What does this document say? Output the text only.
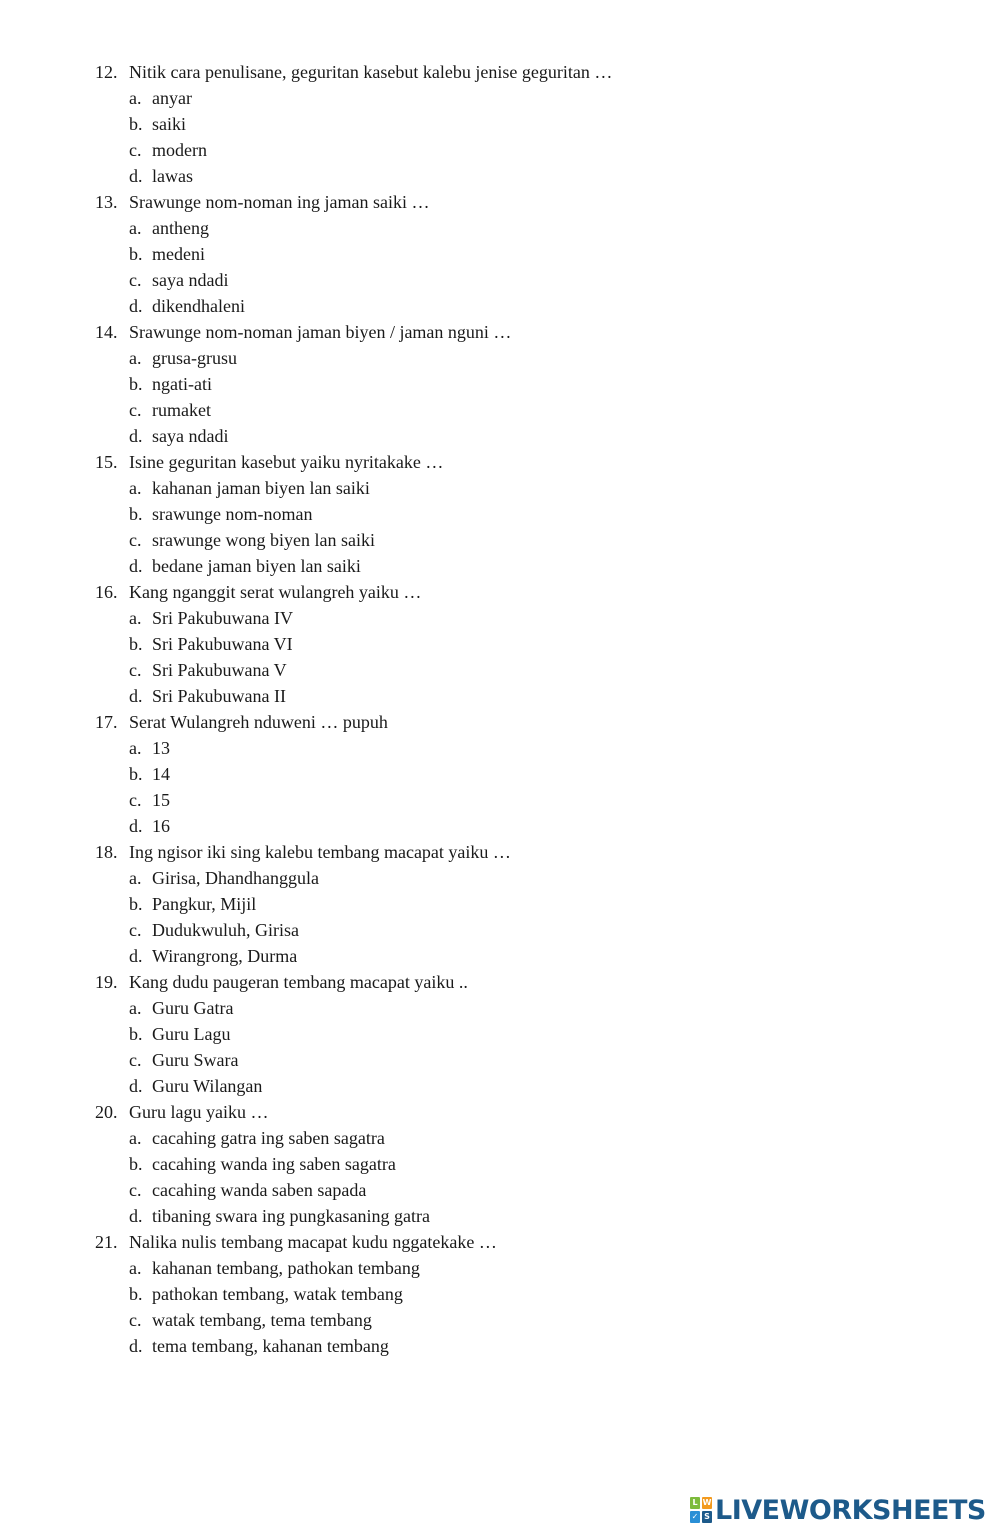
12. Nitik cara penulisane, geguritan kasebut kalebu jenise geguritan …
a. anyar
b. saiki
c. modern
d. lawas
13. Srawunge nom-noman ing jaman saiki …
a. antheng
b. medeni
c. saya ndadi
d. dikendhaleni
14. Srawunge nom-noman jaman biyen / jaman nguni …
a. grusa-grusu
b. ngati-ati
c. rumaket
d. saya ndadi
15. Isine geguritan kasebut yaiku nyritakake …
a. kahanan jaman biyen lan saiki
b. srawunge nom-noman
c. srawunge wong biyen lan saiki
d. bedane jaman biyen lan saiki
16. Kang nganggit serat wulangreh yaiku …
a. Sri Pakubuwana IV
b. Sri Pakubuwana VI
c. Sri Pakubuwana V
d. Sri Pakubuwana II
17. Serat Wulangreh nduweni … pupuh
a. 13
b. 14
c. 15
d. 16
18. Ing ngisor iki sing kalebu tembang macapat yaiku …
a. Girisa, Dhandhanggula
b. Pangkur, Mijil
c. Dudukwuluh, Girisa
d. Wirangrong, Durma
19. Kang dudu paugeran tembang macapat yaiku ..
a. Guru Gatra
b. Guru Lagu
c. Guru Swara
d. Guru Wilangan
20. Guru lagu yaiku …
a. cacahing gatra ing saben sagatra
b. cacahing wanda ing saben sagatra
c. cacahing wanda saben sapada
d. tibaning swara ing pungkasaning gatra
21. Nalika nulis tembang macapat kudu nggatekake …
a. kahanan tembang, pathokan tembang
b. pathokan tembang, watak tembang
c. watak tembang, tema tembang
d. tema tembang, kahanan tembang
L W
✓ S LIVEWORKSHEETS
